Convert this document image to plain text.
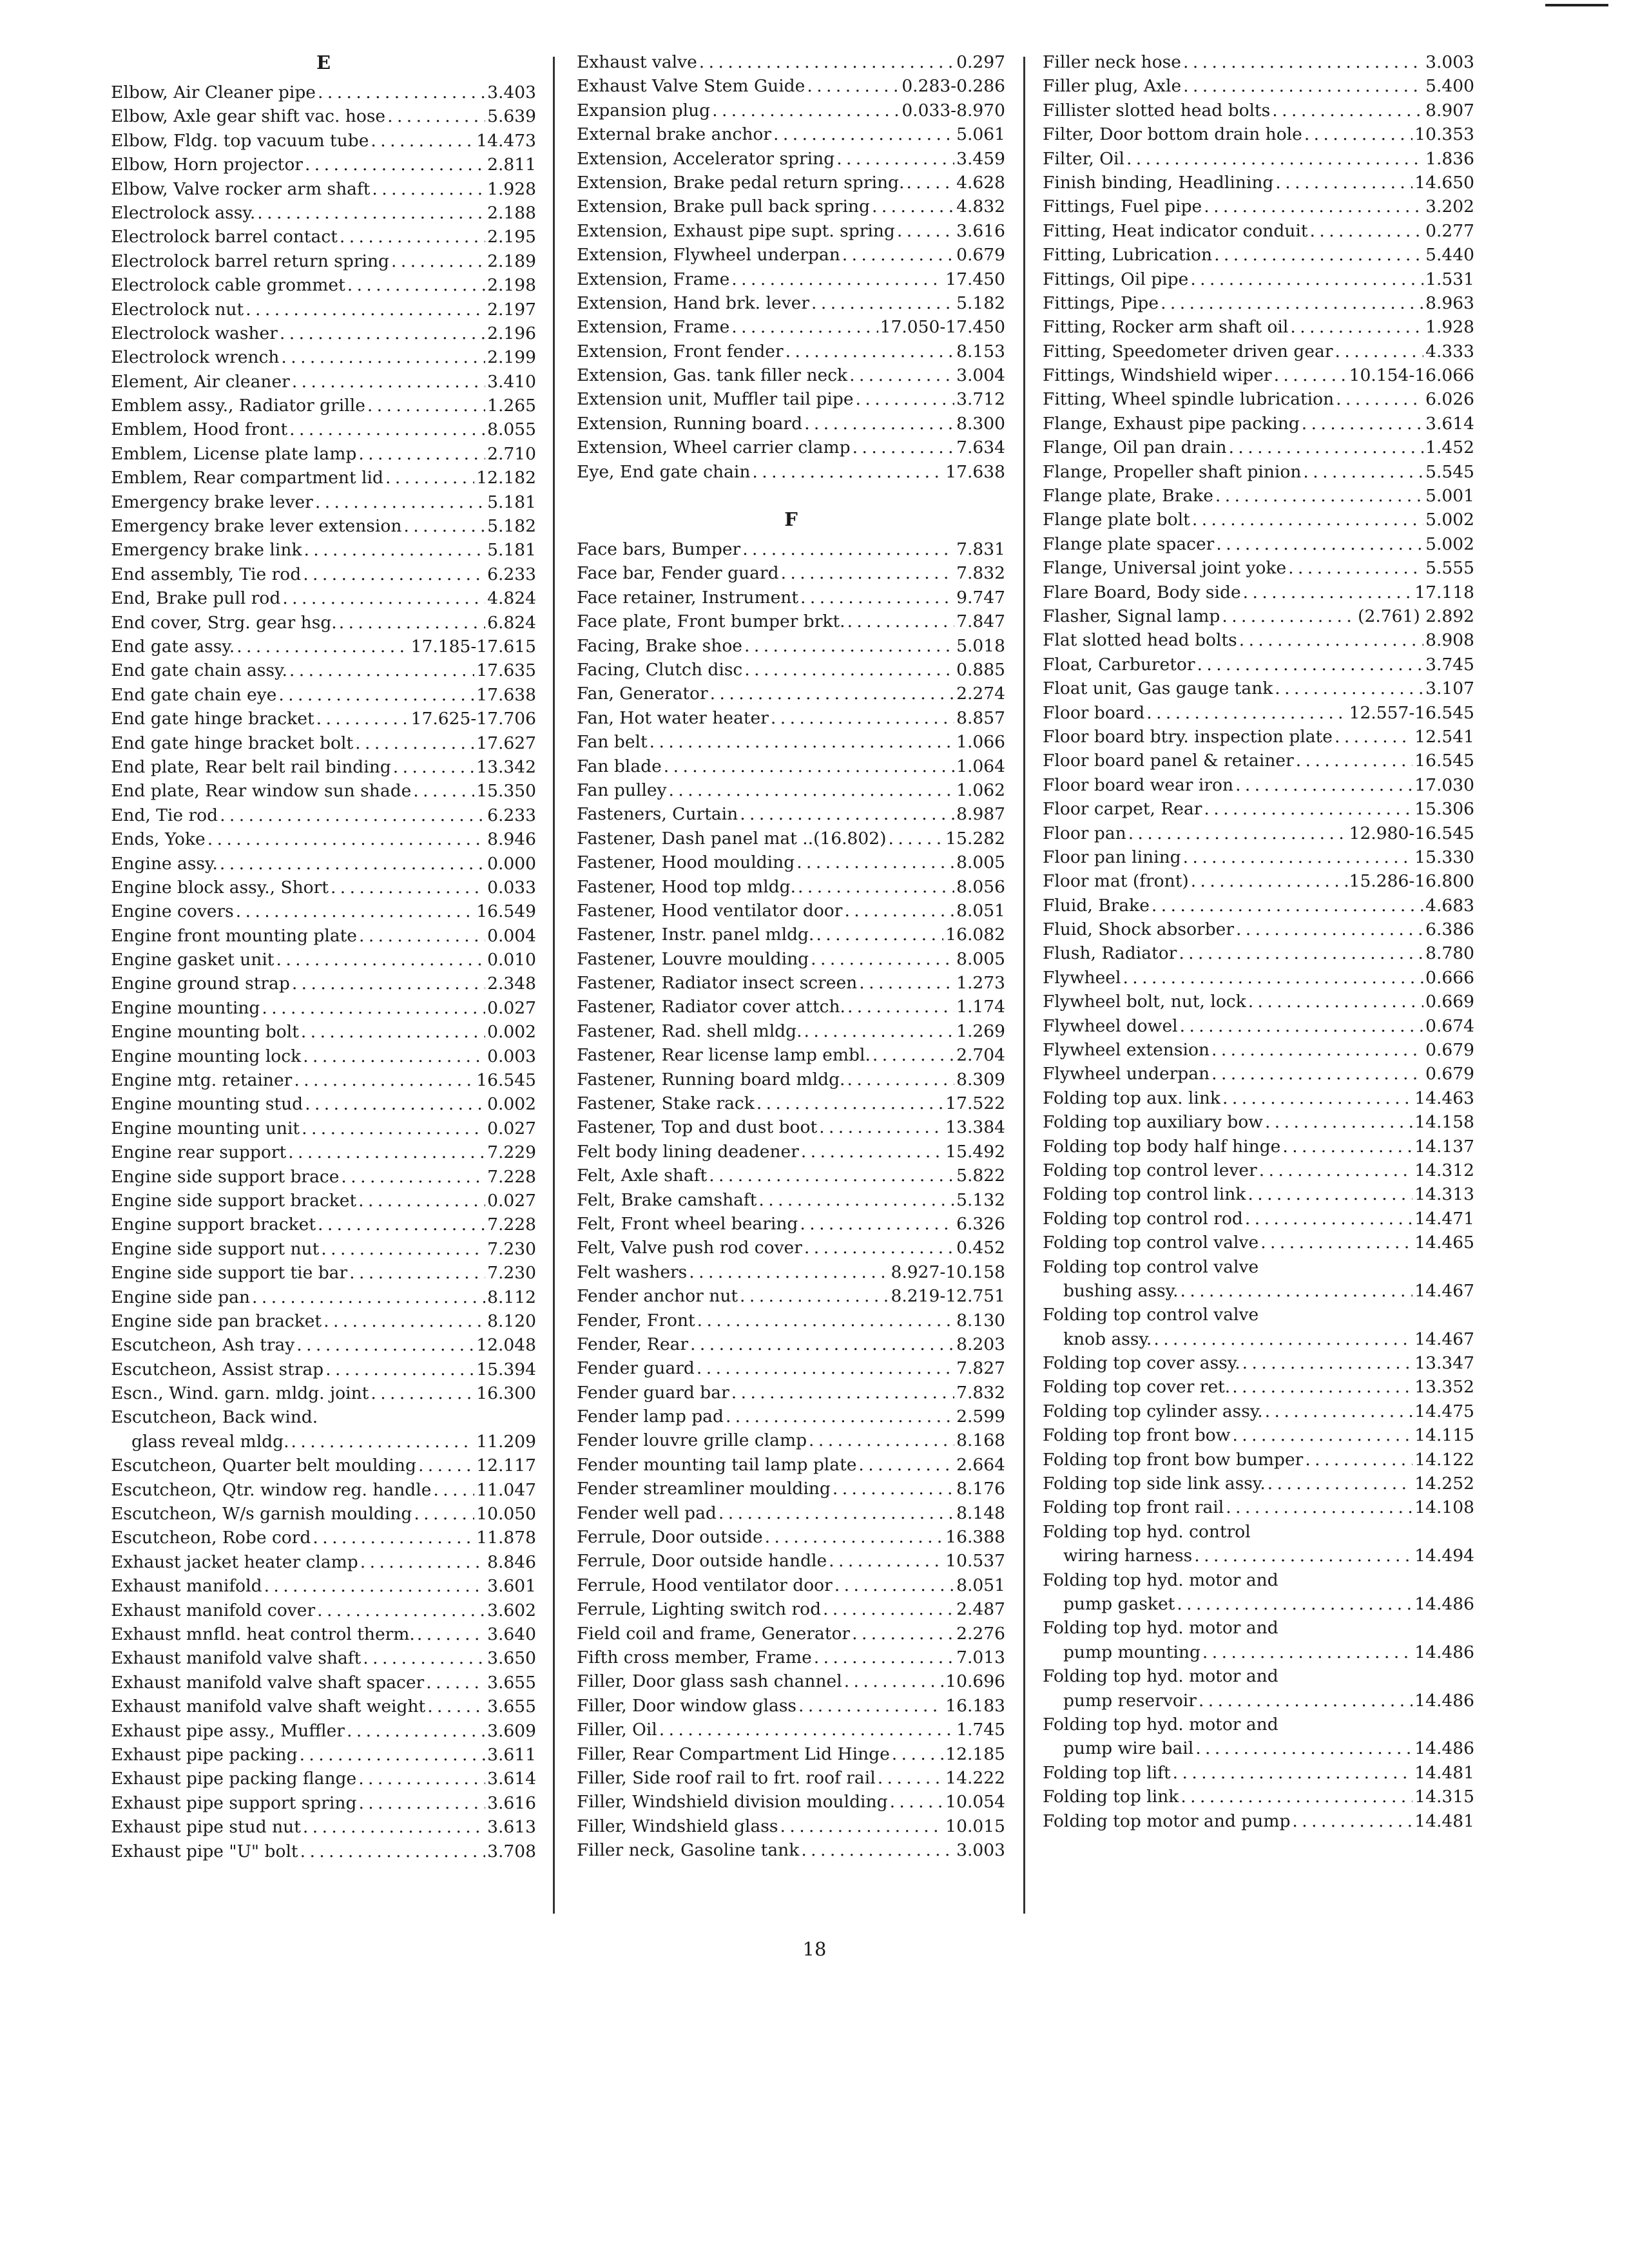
E
Elbow, Air Cleaner pipe . . .	3.403
Elbow, Axle gear shift vac. hose . . .	5.639
Elbow, Fldg. top vacuum tube . . .	14.473
Elbow, Horn projector . . .	2.811
Elbow, Valve rocker arm shaft . . .	1.928
Electrolock assy. . . .	2.188
Electrolock barrel contact . . .	2.195
Electrolock barrel return spring . . .	2.189
Electrolock cable grommet . . .	2.198
Electrolock nut . . .	2.197
Electrolock washer . . .	2.196
Electrolock wrench . . .	2.199
Element, Air cleaner . . .	3.410
Emblem assy., Radiator grille . . .	1.265
Emblem, Hood front . . .	8.055
Emblem, License plate lamp . . .	2.710
Emblem, Rear compartment lid . . .	12.182
Emergency brake lever . . .	5.181
Emergency brake lever extension . . .	5.182
Emergency brake link . . .	5.181
End assembly, Tie rod . . .	6.233
End, Brake pull rod . . .	4.824
End cover, Strg. gear hsg. . . .	6.824
End gate assy. . . .	17.185-17.615
End gate chain assy. . . .	17.635
End gate chain eye . . .	17.638
End gate hinge bracket . . .	17.625-17.706
End gate hinge bracket bolt . . .	17.627
End plate, Rear belt rail binding . . .	13.342
End plate, Rear window sun shade . . .	15.350
End, Tie rod . . .	6.233
Ends, Yoke . . .	8.946
Engine assy. . . .	0.000
Engine block assy., Short . . .	0.033
Engine covers . . .	16.549
Engine front mounting plate . . .	0.004
Engine gasket unit . . .	0.010
Engine ground strap . . .	2.348
Engine mounting . . .	0.027
Engine mounting bolt . . .	0.002
Engine mounting lock . . .	0.003
Engine mtg. retainer . . .	16.545
Engine mounting stud . . .	0.002
Engine mounting unit . . .	0.027
Engine rear support . . .	7.229
Engine side support brace . . .	7.228
Engine side support bracket . . .	0.027
Engine support bracket . . .	7.228
Engine side support nut . . .	7.230
Engine side support tie bar . . .	7.230
Engine side pan . . .	8.112
Engine side pan bracket . . .	8.120
Escutcheon, Ash tray . . .	12.048
Escutcheon, Assist strap . . .	15.394
Escn., Wind. garn. mldg. joint . . .	16.300
Escutcheon, Back wind.
glass reveal mldg. . . .	11.209
Escutcheon, Quarter belt moulding . . .	12.117
Escutcheon, Qtr. window reg. handle . . .	11.047
Escutcheon, W/s garnish moulding . . .	10.050
Escutcheon, Robe cord . . .	11.878
Exhaust jacket heater clamp . . .	8.846
Exhaust manifold . . .	3.601
Exhaust manifold cover . . .	3.602
Exhaust mnfld. heat control therm. . . .	3.640
Exhaust manifold valve shaft . . .	3.650
Exhaust manifold valve shaft spacer . . .	3.655
Exhaust manifold valve shaft weight . . .	3.655
Exhaust pipe assy., Muffler . . .	3.609
Exhaust pipe packing . . .	3.611
Exhaust pipe packing flange . . .	3.614
Exhaust pipe support spring . . .	3.616
Exhaust pipe stud nut . . .	3.613
Exhaust pipe "U" bolt . . .	3.708
Exhaust valve . . .	0.297
Exhaust Valve Stem Guide . . .	0.283-0.286
Expansion plug . . .	0.033-8.970
External brake anchor . . .	5.061
Extension, Accelerator spring . . .	3.459
Extension, Brake pedal return spring. . . .	4.628
Extension, Brake pull back spring . . .	4.832
Extension, Exhaust pipe supt. spring . . .	3.616
Extension, Flywheel underpan . . .	0.679
Extension, Frame . . .	17.450
Extension, Hand brk. lever . . .	5.182
Extension, Frame . . .	17.050-17.450
Extension, Front fender . . .	8.153
Extension, Gas. tank filler neck . . .	3.004
Extension unit, Muffler tail pipe . . .	3.712
Extension, Running board . . .	8.300
Extension, Wheel carrier clamp . . .	7.634
Eye, End gate chain . . .	17.638
F
Face bars, Bumper . . .	7.831
Face bar, Fender guard . . .	7.832
Face retainer, Instrument . . .	9.747
Face plate, Front bumper brkt. . . .	7.847
Facing, Brake shoe . . .	5.018
Facing, Clutch disc . . .	0.885
Fan, Generator . . .	2.274
Fan, Hot water heater . . .	8.857
Fan belt . . .	1.066
Fan blade . . .	1.064
Fan pulley . . .	1.062
Fasteners, Curtain . . .	8.987
Fastener, Dash panel mat ..(16.802) . . .	15.282
Fastener, Hood moulding . . .	8.005
Fastener, Hood top mldg. . . .	8.056
Fastener, Hood ventilator door . . .	8.051
Fastener, Instr. panel mldg. . . .	16.082
Fastener, Louvre moulding . . .	8.005
Fastener, Radiator insect screen . . .	1.273
Fastener, Radiator cover attch. . . .	1.174
Fastener, Rad. shell mldg. . . .	1.269
Fastener, Rear license lamp embl. . . .	2.704
Fastener, Running board mldg. . . .	8.309
Fastener, Stake rack . . .	17.522
Fastener, Top and dust boot . . .	13.384
Felt body lining deadener . . .	15.492
Felt, Axle shaft . . .	5.822
Felt, Brake camshaft . . .	5.132
Felt, Front wheel bearing . . .	6.326
Felt, Valve push rod cover . . .	0.452
Felt washers . . .	8.927-10.158
Fender anchor nut . . .	8.219-12.751
Fender, Front . . .	8.130
Fender, Rear . . .	8.203
Fender guard . . .	7.827
Fender guard bar . . .	7.832
Fender lamp pad . . .	2.599
Fender louvre grille clamp . . .	8.168
Fender mounting tail lamp plate . . .	2.664
Fender streamliner moulding . . .	8.176
Fender well pad . . .	8.148
Ferrule, Door outside . . .	16.388
Ferrule, Door outside handle . . .	10.537
Ferrule, Hood ventilator door . . .	8.051
Ferrule, Lighting switch rod . . .	2.487
Field coil and frame, Generator . . .	2.276
Fifth cross member, Frame . . .	7.013
Filler, Door glass sash channel . . .	10.696
Filler, Door window glass . . .	16.183
Filler, Oil . . .	1.745
Filler, Rear Compartment Lid Hinge . . .	12.185
Filler, Side roof rail to frt. roof rail . . .	14.222
Filler, Windshield division moulding . . .	10.054
Filler, Windshield glass . . .	10.015
Filler neck, Gasoline tank . . .	3.003
Filler neck hose . . .	3.003
Filler plug, Axle . . .	5.400
Fillister slotted head bolts . . .	8.907
Filter, Door bottom drain hole . . .	10.353
Filter, Oil . . .	1.836
Finish binding, Headlining . . .	14.650
Fittings, Fuel pipe . . .	3.202
Fitting, Heat indicator conduit . . .	0.277
Fitting, Lubrication . . .	5.440
Fittings, Oil pipe . . .	1.531
Fittings, Pipe . . .	8.963
Fitting, Rocker arm shaft oil . . .	1.928
Fitting, Speedometer driven gear . . .	4.333
Fittings, Windshield wiper . . .	10.154-16.066
Fitting, Wheel spindle lubrication . . .	6.026
Flange, Exhaust pipe packing . . .	3.614
Flange, Oil pan drain . . .	1.452
Flange, Propeller shaft pinion . . .	5.545
Flange plate, Brake . . .	5.001
Flange plate bolt . . .	5.002
Flange plate spacer . . .	5.002
Flange, Universal joint yoke . . .	5.555
Flare Board, Body side . . .	17.118
Flasher, Signal lamp . . .	(2.761) 2.892
Flat slotted head bolts . . .	8.908
Float, Carburetor . . .	3.745
Float unit, Gas gauge tank . . .	3.107
Floor board . . .	12.557-16.545
Floor board btry. inspection plate . . .	12.541
Floor board panel & retainer . . .	16.545
Floor board wear iron . . .	17.030
Floor carpet, Rear . . .	15.306
Floor pan . . .	12.980-16.545
Floor pan lining . . .	15.330
Floor mat (front) . . .	15.286-16.800
Fluid, Brake . . .	4.683
Fluid, Shock absorber . . .	6.386
Flush, Radiator . . .	8.780
Flywheel . . .	0.666
Flywheel bolt, nut, lock . . .	0.669
Flywheel dowel . . .	0.674
Flywheel extension . . .	0.679
Flywheel underpan . . .	0.679
Folding top aux. link . . .	14.463
Folding top auxiliary bow . . .	14.158
Folding top body half hinge . . .	14.137
Folding top control lever . . .	14.312
Folding top control link . . .	14.313
Folding top control rod . . .	14.471
Folding top control valve . . .	14.465
Folding top control valve
bushing assy. . . .	14.467
Folding top control valve
knob assy. . . .	14.467
Folding top cover assy. . . .	13.347
Folding top cover ret. . . .	13.352
Folding top cylinder assy. . . .	14.475
Folding top front bow . . .	14.115
Folding top front bow bumper . . .	14.122
Folding top side link assy. . . .	14.252
Folding top front rail . . .	14.108
Folding top hyd. control
wiring harness . . .	14.494
Folding top hyd. motor and
pump gasket . . .	14.486
Folding top hyd. motor and
pump mounting . . .	14.486
Folding top hyd. motor and
pump reservoir . . .	14.486
Folding top hyd. motor and
pump wire bail . . .	14.486
Folding top lift . . .	14.481
Folding top link . . .	14.315
Folding top motor and pump . . .	14.481
18
